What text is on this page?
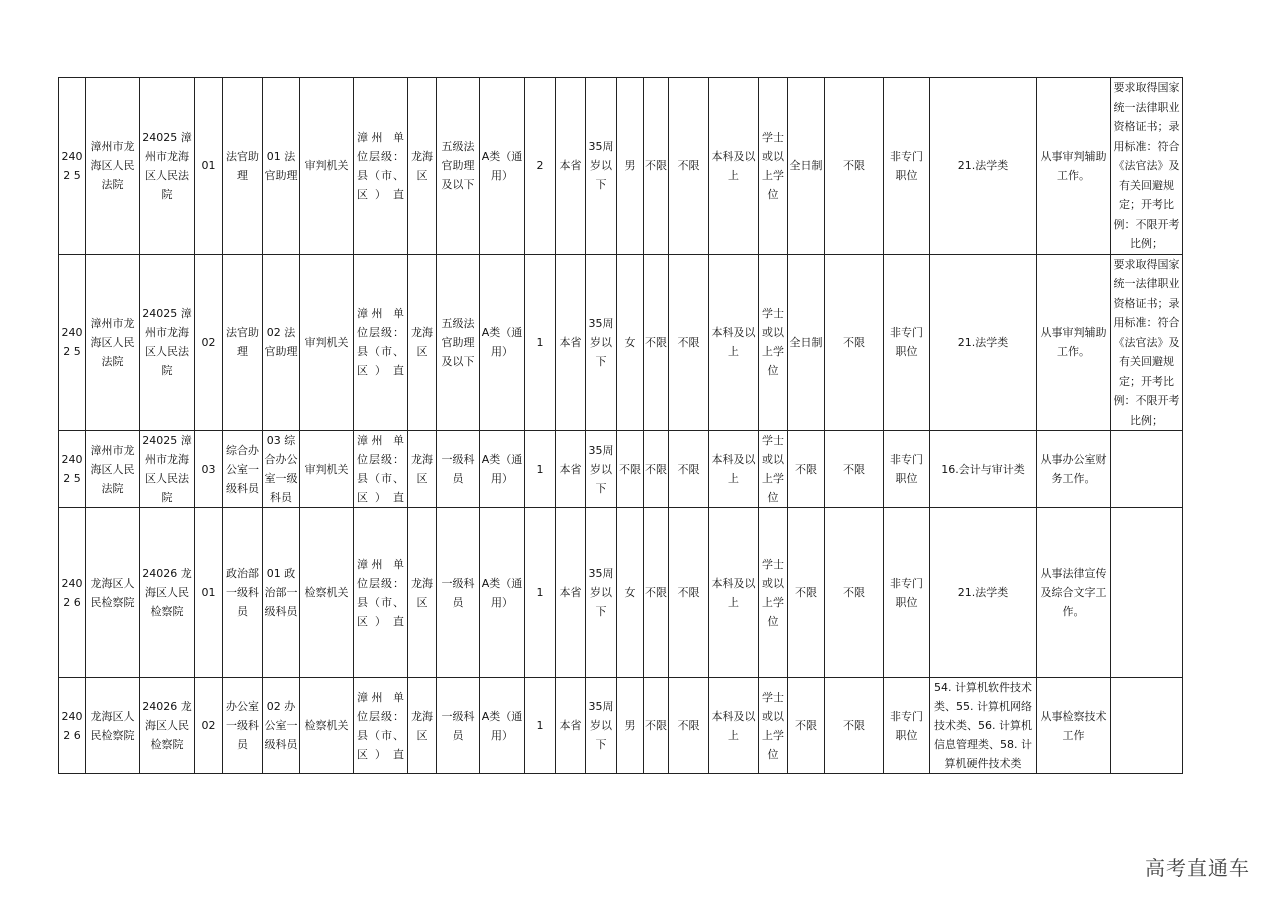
2402 5	漳州市龙海区人民法院	24025 漳州市龙海区人民法院	01	法官助理	01 法官助理	审判机关	漳州 单位层级：县（市、区）直	龙海区	五级法官助理及以下	A类（通用）	2	本省	35周岁以下	男	不限	不限	本科及以上	学士或以上学位	全日制	不限	非专门职位	21.法学类	从事审判辅助工作。	要求取得国家统一法律职业资格证书；录用标准：符合《法官法》及有关回避规定；开考比例：不限开考比例；
2402 5	漳州市龙海区人民法院	24025 漳州市龙海区人民法院	02	法官助理	02 法官助理	审判机关	漳州 单位层级：县（市、区）直	龙海区	五级法官助理及以下	A类（通用）	1	本省	35周岁以下	女	不限	不限	本科及以上	学士或以上学位	全日制	不限	非专门职位	21.法学类	从事审判辅助工作。	要求取得国家统一法律职业资格证书；录用标准：符合《法官法》及有关回避规定；开考比例：不限开考比例；
2402 5	漳州市龙海区人民法院	24025 漳州市龙海区人民法院	03	综合办公室一级科员	03 综合办公室一级科员	审判机关	漳州 单位层级：县（市、区）直	龙海区	一级科员	A类（通用）	1	本省	35周岁以下	不限	不限	不限	本科及以上	学士或以上学位	不限	不限	非专门职位	16.会计与审计类	从事办公室财务工作。	
2402 6	龙海区人民检察院	24026 龙海区人民检察院	01	政治部一级科员	01 政治部一级科员	检察机关	漳州 单位层级：县（市、区）直	龙海区	一级科员	A类（通用）	1	本省	35周岁以下	女	不限	不限	本科及以上	学士或以上学位	不限	不限	非专门职位	21.法学类	从事法律宣传及综合文字工作。	
2402 6	龙海区人民检察院	24026 龙海区人民检察院	02	办公室一级科员	02 办公室一级科员	检察机关	漳州 单位层级：县（市、区）直	龙海区	一级科员	A类（通用）	1	本省	35周岁以下	男	不限	不限	本科及以上	学士或以上学位	不限	不限	非专门职位	54. 计算机软件技术类、55. 计算机网络技术类、56. 计算机信息管理类、58. 计算机硬件技术类	从事检察技术工作	
高考直通车
